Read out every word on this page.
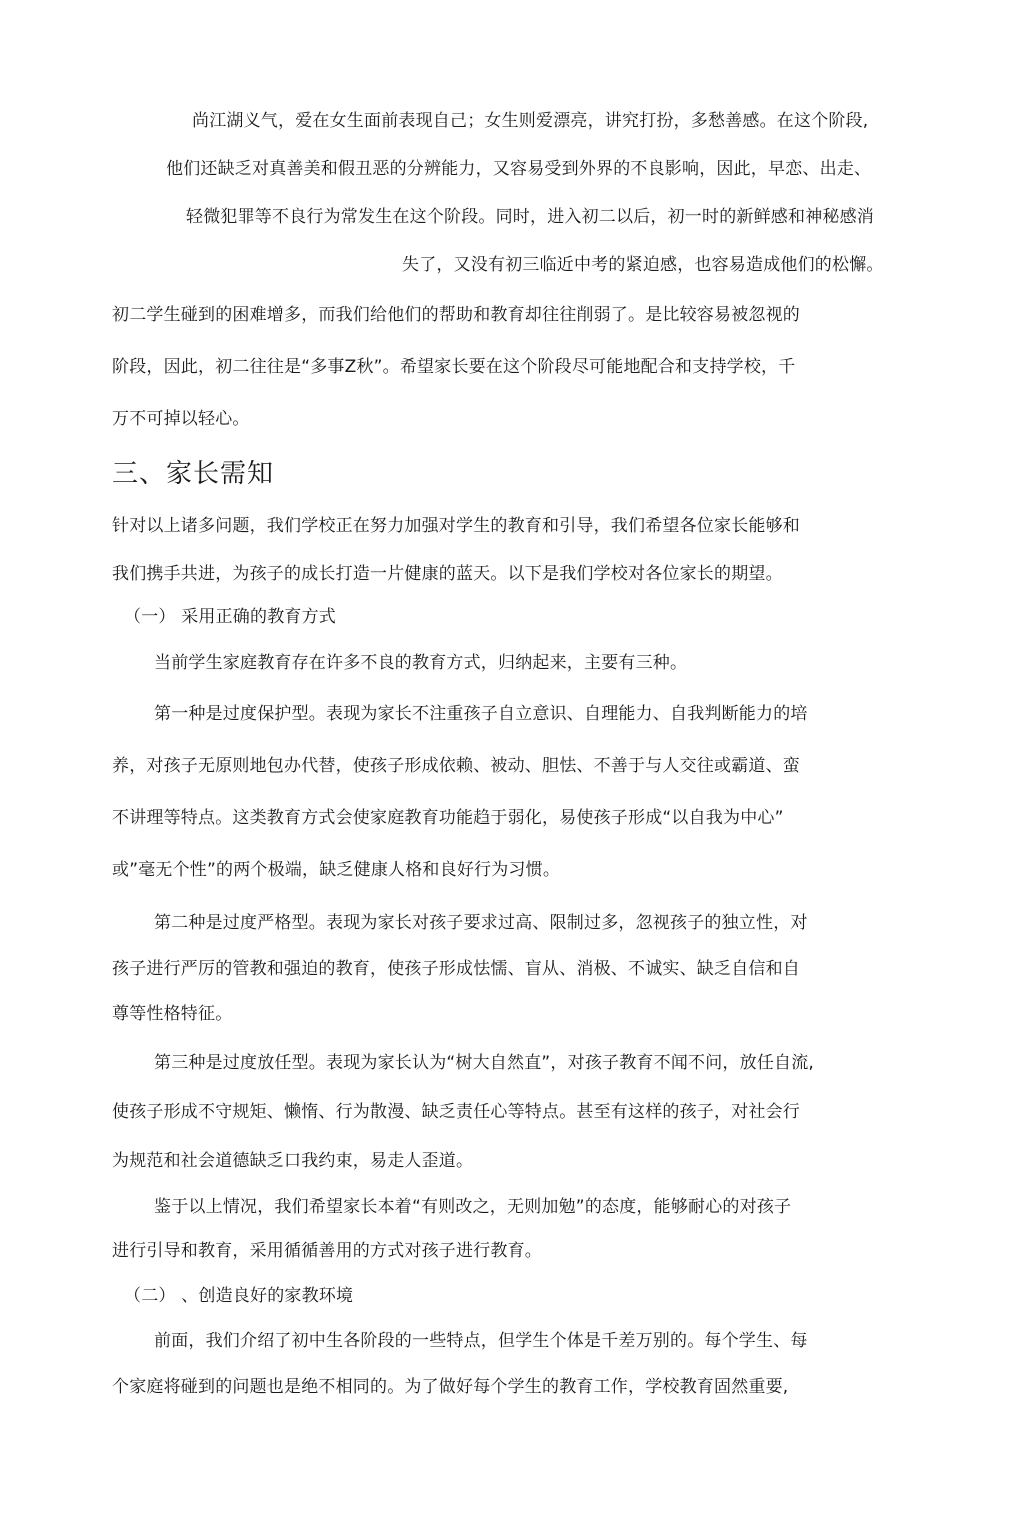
尚江湖义气，爱在女生面前表现自己；女生则爱漂亮，讲究打扮，多愁善感。在这个阶段,
他们还缺乏对真善美和假丑恶的分辨能力，又容易受到外界的不良影响，因此，早恋、出走、
轻微犯罪等不良行为常发生在这个阶段。同时，进入初二以后，初一时的新鲜感和神秘感消
失了，又没有初三临近中考的紧迫感，也容易造成他们的松懈。
初二学生碰到的困难增多，而我们给他们的帮助和教育却往往削弱了。是比较容易被忽视的
阶段，因此，初二往往是“多事Z秋”。希望家长要在这个阶段尽可能地配合和支持学校，千
万不可掉以轻心。
三、家长需知
针对以上诸多问题，我们学校正在努力加强对学生的教育和引导，我们希望各位家长能够和
我们携手共进，为孩子的成长打造一片健康的蓝天。以下是我们学校对各位家长的期望。
（一） 采用正确的教育方式
当前学生家庭教育存在许多不良的教育方式，归纳起来，主要有三种。
第一种是过度保护型。表现为家长不注重孩子自立意识、自理能力、自我判断能力的培
养，对孩子无原则地包办代替，使孩子形成依赖、被动、胆怯、不善于与人交往或霸道、蛮
不讲理等特点。这类教育方式会使家庭教育功能趋于弱化，易使孩子形成“以自我为中心”
或”毫无个性”的两个极端，缺乏健康人格和良好行为习惯。
第二种是过度严格型。表现为家长对孩子要求过高、限制过多，忽视孩子的独立性，对
孩子进行严厉的管教和强迫的教育，使孩子形成怯懦、盲从、消极、不诚实、缺乏自信和自
尊等性格特征。
第三种是过度放任型。表现为家长认为“树大自然直”，对孩子教育不闻不问，放任自流,
使孩子形成不守规矩、懒惰、行为散漫、缺乏责任心等特点。甚至有这样的孩子，对社会行
为规范和社会道德缺乏口我约束，易走人歪道。
鉴于以上情况，我们希望家长本着“有则改之，无则加勉”的态度，能够耐心的对孩子
进行引导和教育，采用循循善用的方式对孩子进行教育。
（二） 、创造良好的家教环境
前面，我们介绍了初中生各阶段的一些特点，但学生个体是千差万别的。每个学生、每
个家庭将碰到的问题也是绝不相同的。为了做好每个学生的教育工作，学校教育固然重要,
